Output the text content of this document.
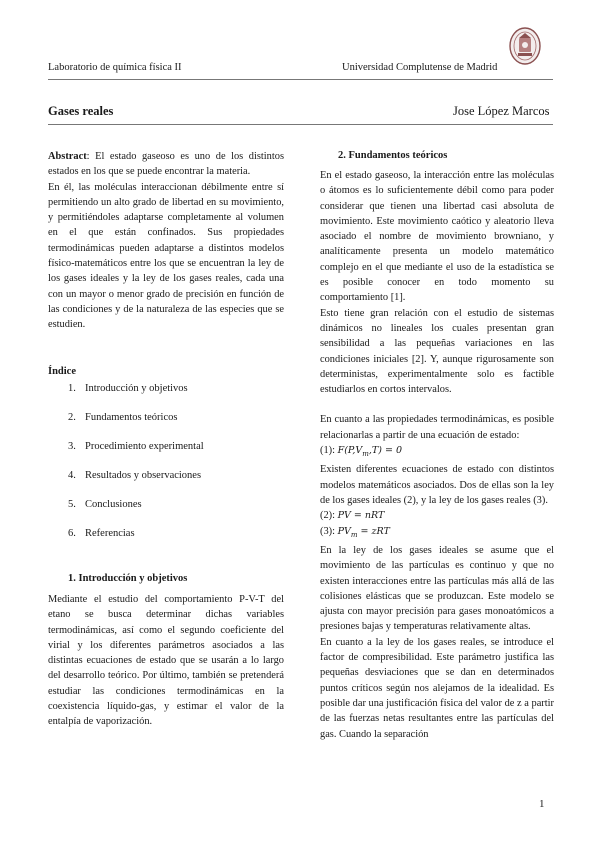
Laboratorio de química física II	Universidad Complutense de Madrid
Gases reales	Jose López Marcos

Abstract: El estado gaseoso es uno de los distintos estados en los que se puede encontrar la materia.

En él, las moléculas interaccionan débilmente entre sí permitiendo un alto grado de libertad en su movimiento, y permitiéndoles adaptarse completamente al volumen en el que están confinados. Sus propiedades termodinámicas pueden adaptarse a distintos modelos físico-matemáticos entre los que se encuentran la ley de los gases ideales y la ley de los gases reales, cada una con un mayor o menor grado de precisión en función de las condiciones y de la naturaleza de las especies que se estudien.

Índice
1. Introducción y objetivos
2. Fundamentos teóricos
3. Procedimiento experimental
4. Resultados y observaciones
5. Conclusiones
6. Referencias
1. Introducción y objetivos

Mediante el estudio del comportamiento P-V-T del etano se busca determinar dichas variables termodinámicas, así como el segundo coeficiente del virial y los diferentes parámetros asociados a las distintas ecuaciones de estado que se usarán a lo largo del desarrollo teórico. Por último, también se pretenderá estudiar las condiciones termodinámicas en la coexistencia líquido-gas, y estimar el valor de la entalpía de vaporización.

2. Fundamentos teóricos

En el estado gaseoso, la interacción entre las moléculas o átomos es lo suficientemente débil como para poder considerar que tienen una libertad casi absoluta de movimiento. Este movimiento caótico y aleatorio lleva asociado el nombre de movimiento browniano, y analíticamente presenta un modelo matemático complejo en el que mediante el uso de la estadística se es posible conocer en todo momento su comportamiento [1].

Esto tiene gran relación con el estudio de sistemas dinámicos no lineales los cuales presentan gran sensibilidad a las pequeñas variaciones en las condiciones iniciales [2]. Y, aunque rigurosamente son deterministas, experimentalmente solo es factible estudiarlos en cortos intervalos.

En cuanto a las propiedades termodinámicas, es posible relacionarlas a partir de una ecuación de estado:

(1): $F(P,V_m,T) = 0$

Existen diferentes ecuaciones de estado con distintos modelos matemáticos asociados. Dos de ellas son la ley de los gases ideales (2), y la ley de los gases reales (3).

(2): PV = nRT

(3): $PV_m$ = zRT

En la ley de los gases ideales se asume que el movimiento de las partículas es continuo y que no existen interacciones entre las partículas más allá de las colisiones elásticas que se produzcan. Este modelo se ajusta con mayor precisión para gases monoatómicos a presiones bajas y temperaturas relativamente altas.

En cuanto a la ley de los gases reales, se introduce el factor de compresibilidad. Este parámetro justifica las pequeñas desviaciones que se dan en determinados puntos críticos según nos alejamos de la idealidad. Es posible dar una justificación física del valor de z a partir de las fuerzas netas resultantes entre las partículas del gas. Cuando la separación

1
